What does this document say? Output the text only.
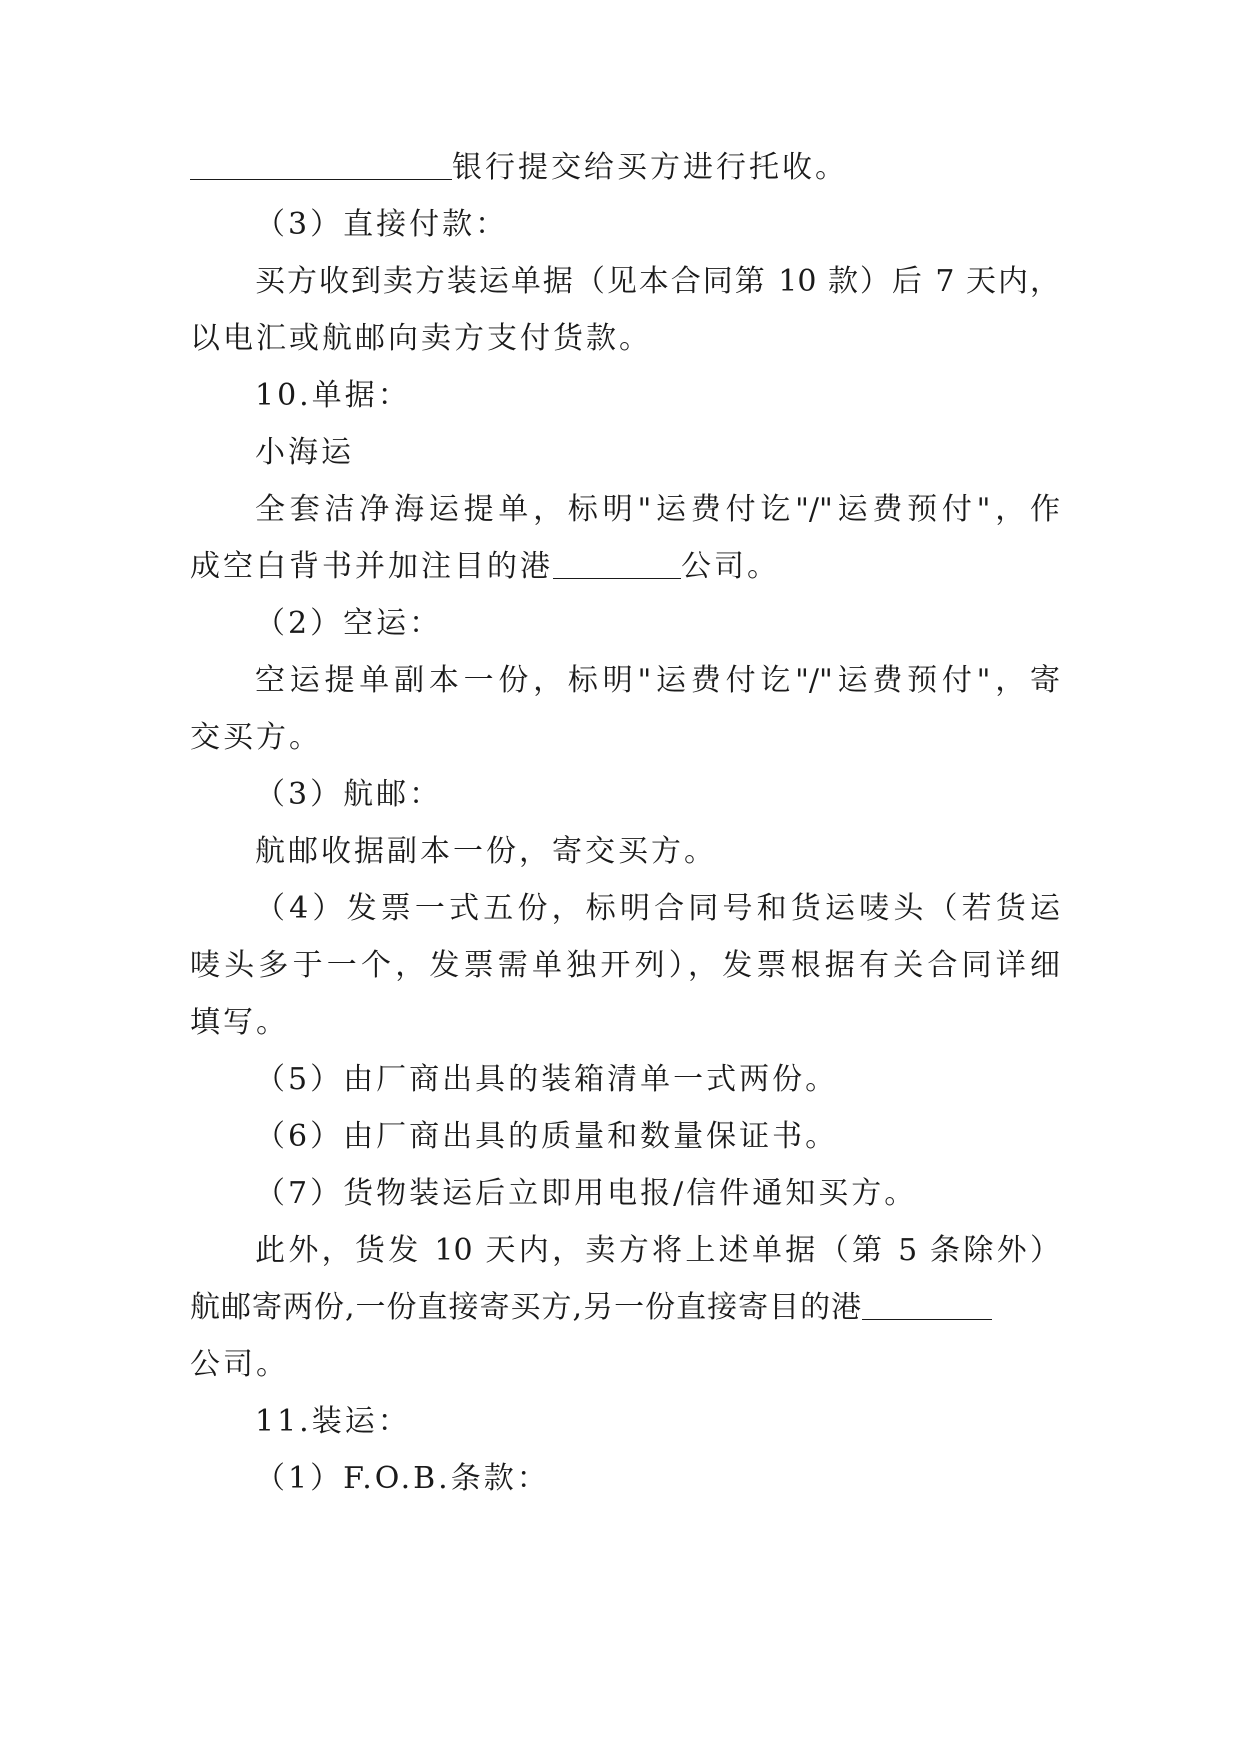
银行提交给买方进行托收。
（3）直接付款：
买方收到卖方装运单据（见本合同第 10 款）后 7 天内，
以电汇或航邮向卖方支付货款。
10.单据：
小海运
全套洁净海运提单，标明"运费付讫"/"运费预付"，作
成空白背书并加注目的港	公司。
（2）空运：
空运提单副本一份，标明"运费付讫"/"运费预付"，寄
交买方。
（3）航邮：
航邮收据副本一份，寄交买方。
（4）发票一式五份，标明合同号和货运唛头（若货运
唛头多于一个，发票需单独开列），发票根据有关合同详细
填写。
（5）由厂商出具的装箱清单一式两份。
（6）由厂商出具的质量和数量保证书。
（7）货物装运后立即用电报/信件通知买方。
此外，货发 10 天内，卖方将上述单据（第 5 条除外）
航邮寄两份,一份直接寄买方,另一份直接寄目的港
公司。
11.装运：
（1）F.O.B.条款：
